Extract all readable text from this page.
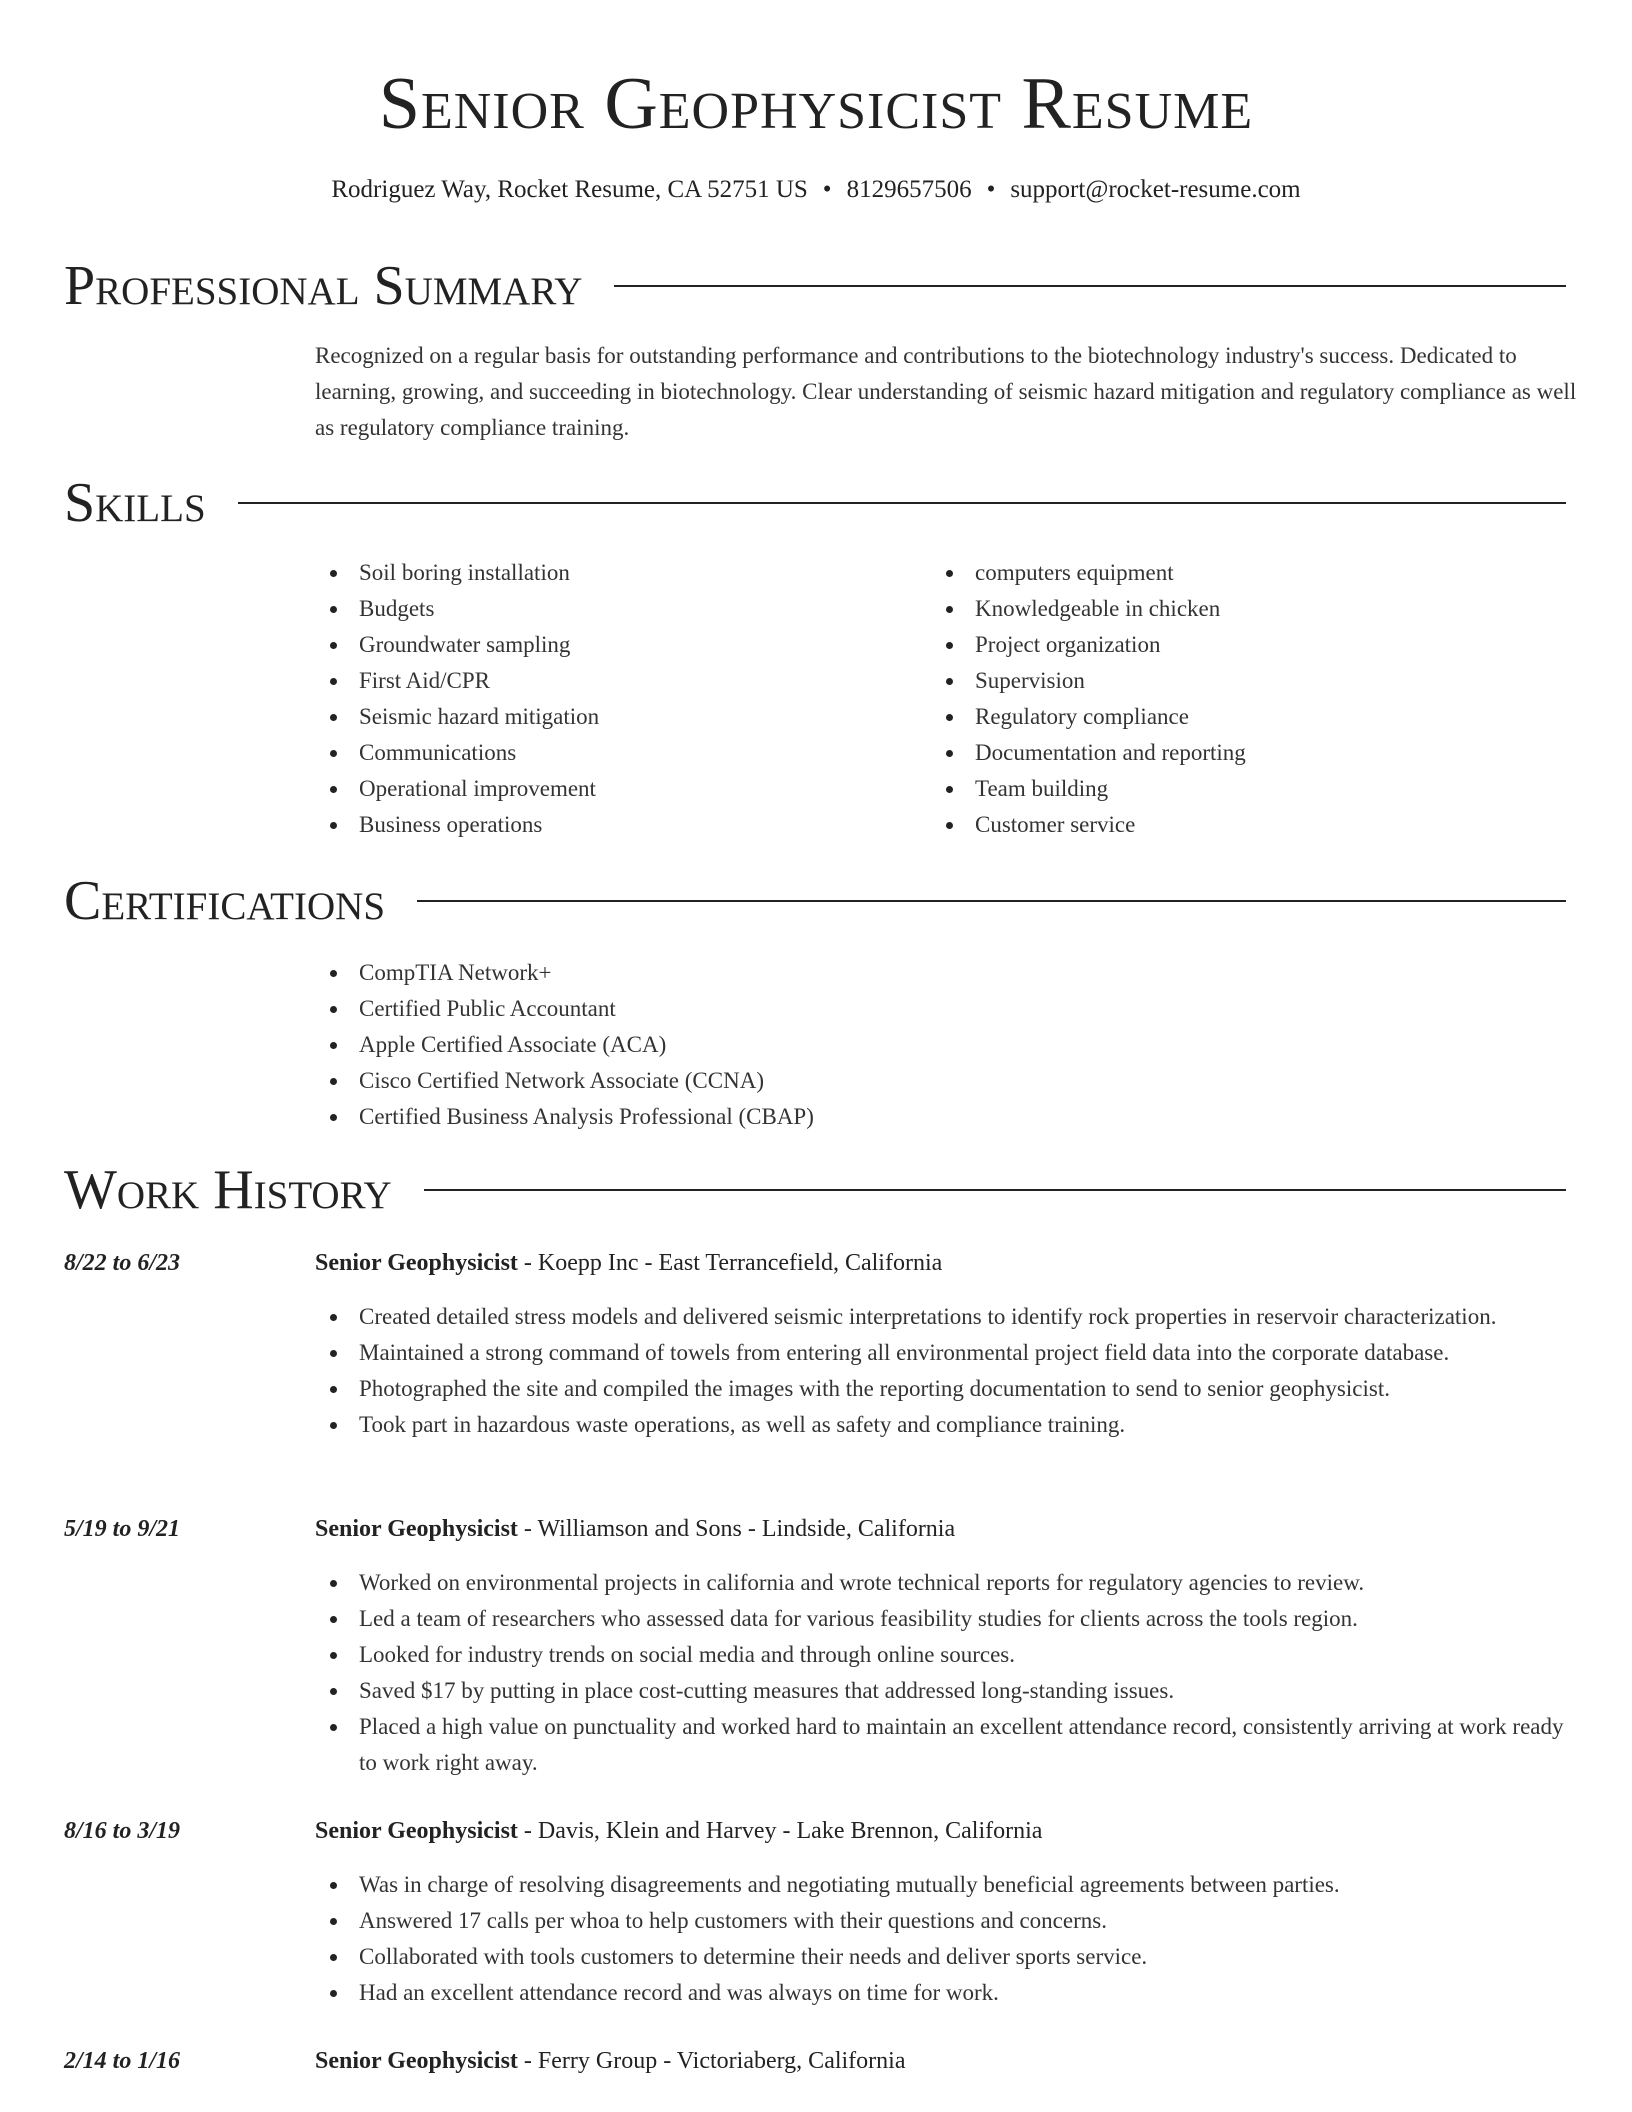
Senior Geophysicist Resume
Rodriguez Way, Rocket Resume, CA 52751 US • 8129657506 • support@rocket-resume.com
Professional Summary
Recognized on a regular basis for outstanding performance and contributions to the biotechnology industry's success. Dedicated to learning, growing, and succeeding in biotechnology. Clear understanding of seismic hazard mitigation and regulatory compliance as well as regulatory compliance training.
Skills
Soil boring installation
Budgets
Groundwater sampling
First Aid/CPR
Seismic hazard mitigation
Communications
Operational improvement
Business operations
computers equipment
Knowledgeable in chicken
Project organization
Supervision
Regulatory compliance
Documentation and reporting
Team building
Customer service
Certifications
CompTIA Network+
Certified Public Accountant
Apple Certified Associate (ACA)
Cisco Certified Network Associate (CCNA)
Certified Business Analysis Professional (CBAP)
Work History
8/22 to 6/23	Senior Geophysicist - Koepp Inc - East Terrancefield, California
Created detailed stress models and delivered seismic interpretations to identify rock properties in reservoir characterization.
Maintained a strong command of towels from entering all environmental project field data into the corporate database.
Photographed the site and compiled the images with the reporting documentation to send to senior geophysicist.
Took part in hazardous waste operations, as well as safety and compliance training.
5/19 to 9/21	Senior Geophysicist - Williamson and Sons - Lindside, California
Worked on environmental projects in california and wrote technical reports for regulatory agencies to review.
Led a team of researchers who assessed data for various feasibility studies for clients across the tools region.
Looked for industry trends on social media and through online sources.
Saved $17 by putting in place cost-cutting measures that addressed long-standing issues.
Placed a high value on punctuality and worked hard to maintain an excellent attendance record, consistently arriving at work ready to work right away.
8/16 to 3/19	Senior Geophysicist - Davis, Klein and Harvey - Lake Brennon, California
Was in charge of resolving disagreements and negotiating mutually beneficial agreements between parties.
Answered 17 calls per whoa to help customers with their questions and concerns.
Collaborated with tools customers to determine their needs and deliver sports service.
Had an excellent attendance record and was always on time for work.
2/14 to 1/16	Senior Geophysicist - Ferry Group - Victoriaberg, California
